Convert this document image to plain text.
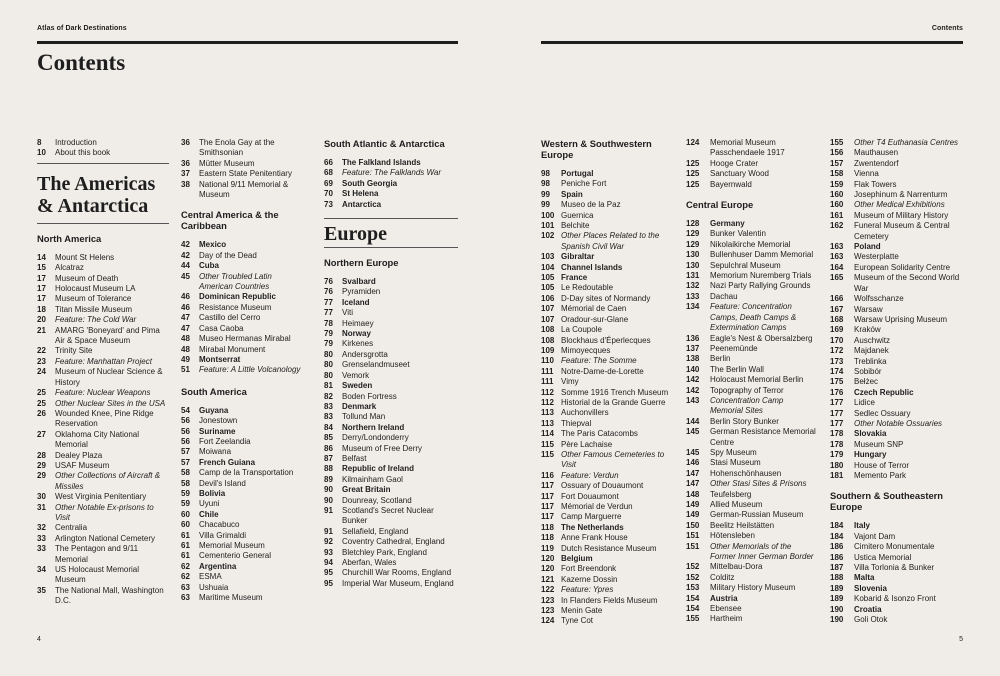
Atlas of Dark Destinations	Contents
Contents
4	5
8	Introduction
10	About this book
The Americas & Antarctica
North America
14	Mount St Helens
15	Alcatraz
17	Museum of Death
17	Holocaust Museum LA
17	Museum of Tolerance
18	Titan Missile Museum
20	Feature: The Cold War
21	AMARG 'Boneyard' and Pima Air & Space Museum
22	Trinity Site
23	Feature: Manhattan Project
24	Museum of Nuclear Science & History
25	Feature: Nuclear Weapons
25	Other Nuclear Sites in the USA
26	Wounded Knee, Pine Ridge Reservation
27	Oklahoma City National Memorial
28	Dealey Plaza
29	USAF Museum
29	Other Collections of Aircraft & Missiles
30	West Virginia Penitentiary
31	Other Notable Ex-prisons to Visit
32	Centralia
33	Arlington National Cemetery
33	The Pentagon and 9/11 Memorial
34	US Holocaust Memorial Museum
35	The National Mall, Washington D.C.
36	The Enola Gay at the Smithsonian
36	Mütter Museum
37	Eastern State Penitentiary
38	National 9/11 Memorial & Museum
Central America & the Caribbean
42	Mexico
42	Day of the Dead
44	Cuba
45	Other Troubled Latin American Countries
46	Dominican Republic
46	Resistance Museum
47	Castillo del Cerro
47	Casa Caoba
48	Museo Hermanas Mirabal
48	Mirabal Monument
49	Montserrat
51	Feature: A Little Volcanology
South America
54	Guyana
56	Jonestown
56	Suriname
56	Fort Zeelandia
57	Moiwana
57	French Guiana
58	Camp de la Transportation
58	Devil's Island
59	Bolivia
59	Uyuni
60	Chile
60	Chacabuco
61	Villa Grimaldi
61	Memorial Museum
61	Cementerio General
62	Argentina
62	ESMA
63	Ushuaia
63	Maritime Museum
South Atlantic & Antarctica
66	The Falkland Islands
68	Feature: The Falklands War
69	South Georgia
70	St Helena
73	Antarctica
Europe
Northern Europe
76	Svalbard
76	Pyramiden
77	Iceland
77	Viti
78	Heimaey
79	Norway
79	Kirkenes
80	Andersgrotta
80	Grenselandmuseet
80	Vemork
81	Sweden
82	Boden Fortress
83	Denmark
83	Tollund Man
84	Northern Ireland
85	Derry/Londonderry
86	Museum of Free Derry
87	Belfast
88	Republic of Ireland
89	Kilmainham Gaol
90	Great Britain
90	Dounreay, Scotland
91	Scotland's Secret Nuclear Bunker
91	Sellafield, England
92	Coventry Cathedral, England
93	Bletchley Park, England
94	Aberfan, Wales
95	Churchill War Rooms, England
95	Imperial War Museum, England
Western & Southwestern Europe
98	Portugal
98	Peniche Fort
99	Spain
99	Museo de la Paz
100 Guernica
101 Belchite
102 Other Places Related to the Spanish Civil War
103 Gibraltar
104 Channel Islands
105 France
105 Le Redoutable
106 D-Day sites of Normandy
107 Mémorial de Caen
107 Oradour-sur-Glane
108 La Coupole
108 Blockhaus d'Éperlecques
109 Mimoyecques
110 Feature: The Somme
111 Notre-Dame-de-Lorette
111 Vimy
112 Somme 1916 Trench Museum
112 Historial de la Grande Guerre
113 Auchonvillers
113 Thiepval
114 The Paris Catacombs
115 Père Lachaise
115 Other Famous Cemeteries to Visit
116 Feature: Verdun
117 Ossuary of Douaumont
117 Fort Douaumont
117 Mémorial de Verdun
117 Camp Marguerre
118 The Netherlands
118 Anne Frank House
119 Dutch Resistance Museum
120 Belgium
120 Fort Breendonk
121 Kazerne Dossin
122 Feature: Ypres
123 In Flanders Fields Museum
123 Menin Gate
124 Tyne Cot
124	Memorial Museum Passchendaele 1917
125	Hooge Crater
125	Sanctuary Wood
125	Bayernwald
Central Europe
128	Germany
129	Bunker Valentin
129	Nikolaikirche Memorial
130	Bullenhuser Damm Memorial
130	Sepulchral Museum
131	Memorium Nuremberg Trials
132	Nazi Party Rallying Grounds
133	Dachau
134	Feature: Concentration Camps, Death Camps & Extermination Camps
136	Eagle's Nest & Obersalzberg
137	Peenemünde
138	Berlin
140	The Berlin Wall
142	Holocaust Memorial Berlin
142	Topography of Terror
143	Concentration Camp Memorial Sites
144	Berlin Story Bunker
145	German Resistance Memorial Centre
145	Spy Museum
146	Stasi Museum
147	Hohenschönhausen
147	Other Stasi Sites & Prisons
148	Teufelsberg
149	Allied Museum
149	German-Russian Museum
150	Beelitz Heilstätten
151	Hötensleben
151	Other Memorials of the Former Inner German Border
152	Mittelbau-Dora
152	Colditz
153	Military History Museum
154	Austria
154	Ebensee
155	Hartheim
155	Other T4 Euthanasia Centres
156	Mauthausen
157	Zwentendorf
158	Vienna
159	Flak Towers
160	Josephinum & Narrenturm
160	Other Medical Exhibitions
161	Museum of Military History
162	Funeral Museum & Central Cemetery
163	Poland
163	Westerplatte
164	European Solidarity Centre
165	Museum of the Second World War
166	Wolfsschanze
167	Warsaw
168	Warsaw Uprising Museum
169	Kraków
170	Auschwitz
172	Majdanek
173	Treblinka
174	Sobibór
175	Bełżec
176	Czech Republic
177	Lidice
177	Sedlec Ossuary
177	Other Notable Ossuaries
178	Slovakia
178	Museum SNP
179	Hungary
180	House of Terror
181	Memento Park
Southern & Southeastern Europe
184	Italy
184	Vajont Dam
186	Cimitero Monumentale
186	Ustica Memorial
187	Villa Torlonia & Bunker
188	Malta
189	Slovenia
189	Kobarid & Isonzo Front
190	Croatia
190	Goli Otok
